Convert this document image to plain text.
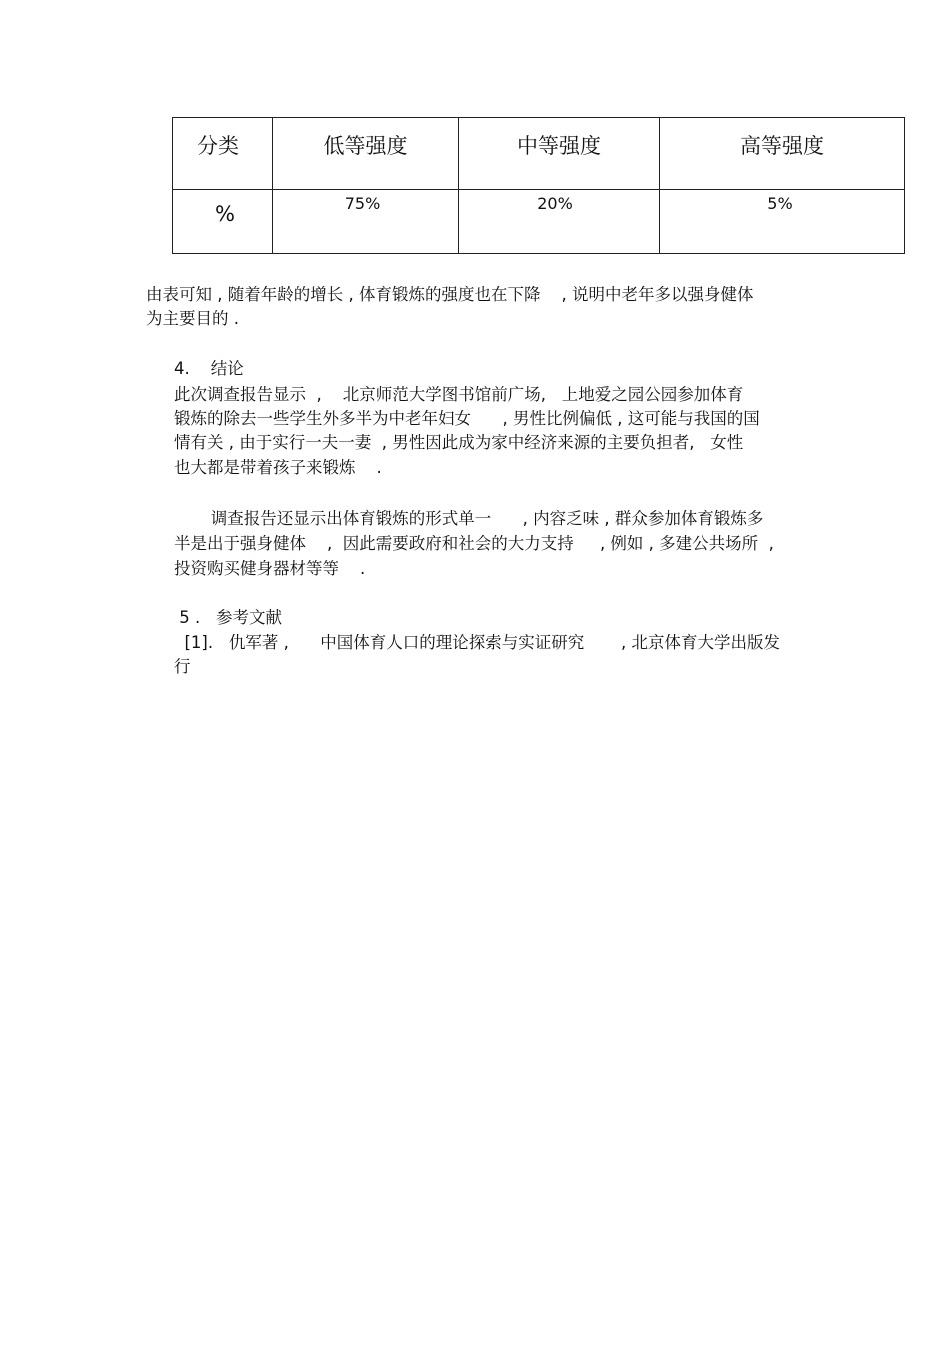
分类	低等强度	中等强度	高等强度
%	75%	20%	5%
由表可知 , 随着年龄的增长 , 体育锻炼的强度也在下降    , 说明中老年多以强身健体
为主要目的 .
4.    结论
此次调查报告显示  ,    北京师范大学图书馆前广场,   上地爱之园公园参加体育
锻炼的除去一些学生外多半为中老年妇女      , 男性比例偏低 , 这可能与我国的国
情有关 , 由于实行一夫一妻  , 男性因此成为家中经济来源的主要负担者,   女性
也大都是带着孩子来锻炼    .
调查报告还显示出体育锻炼的形式单一      , 内容乏味 , 群众参加体育锻炼多
半是出于强身健体    ,  因此需要政府和社会的大力支持     , 例如 , 多建公共场所  ,
投资购买健身器材等等    .
5 .   参考文献
[1].   仇军著 ,      中国体育人口的理论探索与实证研究       , 北京体育大学出版发
行
